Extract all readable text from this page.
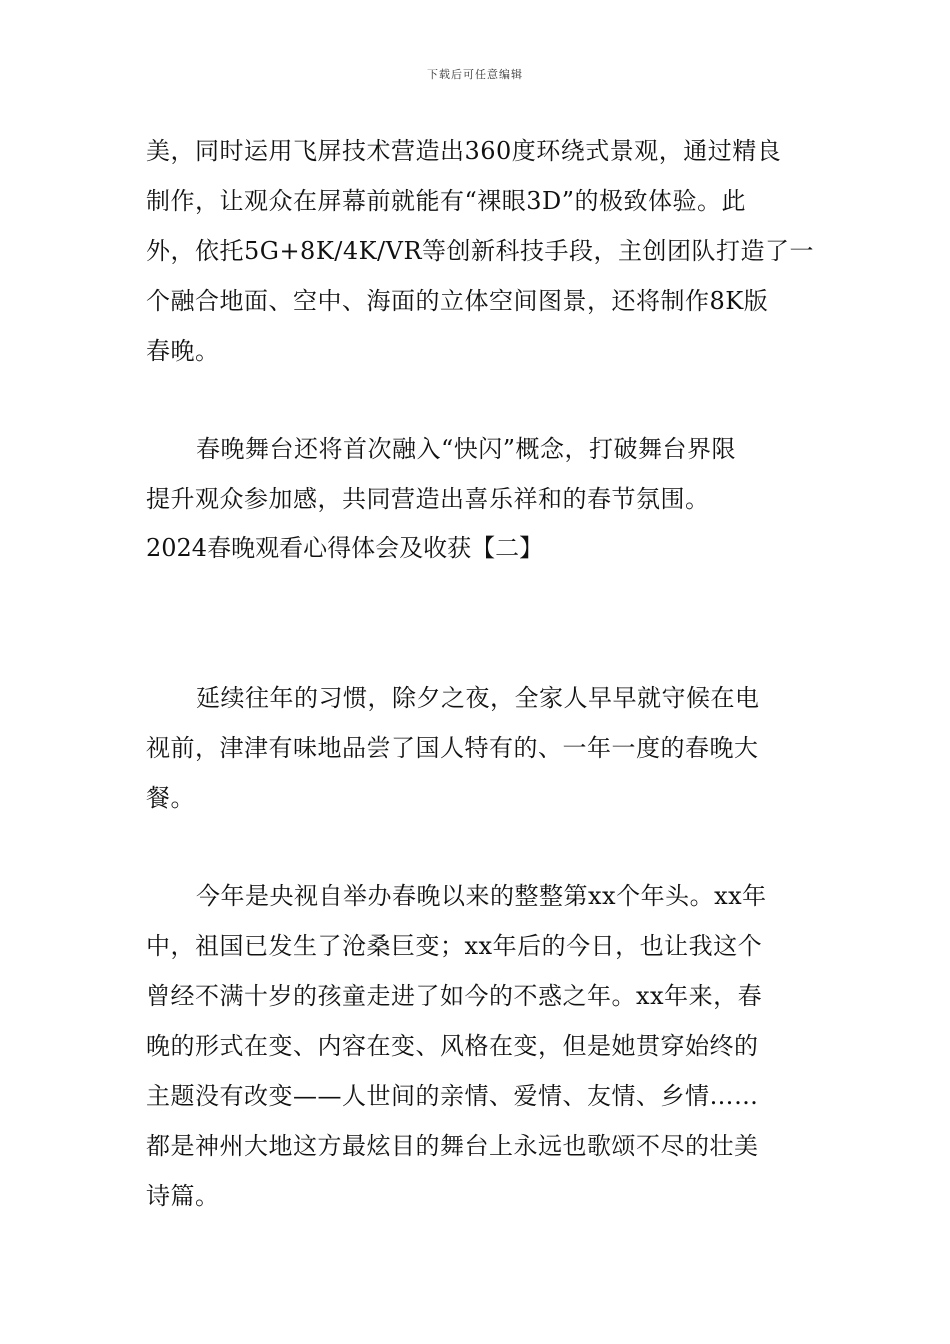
下载后可任意编辑
美，同时运用飞屏技术营造出360度环绕式景观，通过精良
制作，让观众在屏幕前就能有“裸眼3D”的极致体验。此
外，依托5G+8K/4K/VR等创新科技手段，主创团队打造了一
个融合地面、空中、海面的立体空间图景，还将制作8K版
春晚。
春晚舞台还将首次融入“快闪”概念，打破舞台界限
提升观众参加感，共同营造出喜乐祥和的春节氛围。
2024春晚观看心得体会及收获【二】
延续往年的习惯，除夕之夜，全家人早早就守候在电
视前，津津有味地品尝了国人特有的、一年一度的春晚大
餐。
今年是央视自举办春晚以来的整整第xx个年头。xx年
中，祖国已发生了沧桑巨变；xx年后的今日，也让我这个
曾经不满十岁的孩童走进了如今的不惑之年。xx年来，春
晚的形式在变、内容在变、风格在变，但是她贯穿始终的
主题没有改变——人世间的亲情、爱情、友情、乡情……
都是神州大地这方最炫目的舞台上永远也歌颂不尽的壮美
诗篇。
